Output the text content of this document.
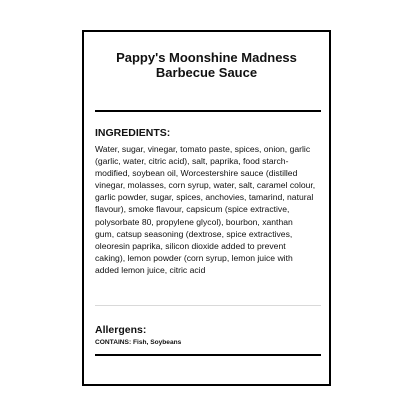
Pappy's Moonshine Madness
Barbecue Sauce
INGREDIENTS:

Water, sugar, vinegar, tomato paste, spices, onion, garlic
(garlic, water, citric acid), salt, paprika, food starch-
modified, soybean oil, Worcestershire sauce (distilled
vinegar, molasses, corn syrup, water, salt, caramel colour,
garlic powder, sugar, spices, anchovies, tamarind, natural
flavour), smoke flavour, capsicum (spice extractive,
polysorbate 80, propylene glycol), bourbon, xanthan
gum, catsup seasoning (dextrose, spice extractives,
oleoresin paprika, silicon dioxide added to prevent
caking), lemon powder (corn syrup, lemon juice with
added lemon juice, citric acid

Allergens:

CONTAINS: Fish, Soybeans
